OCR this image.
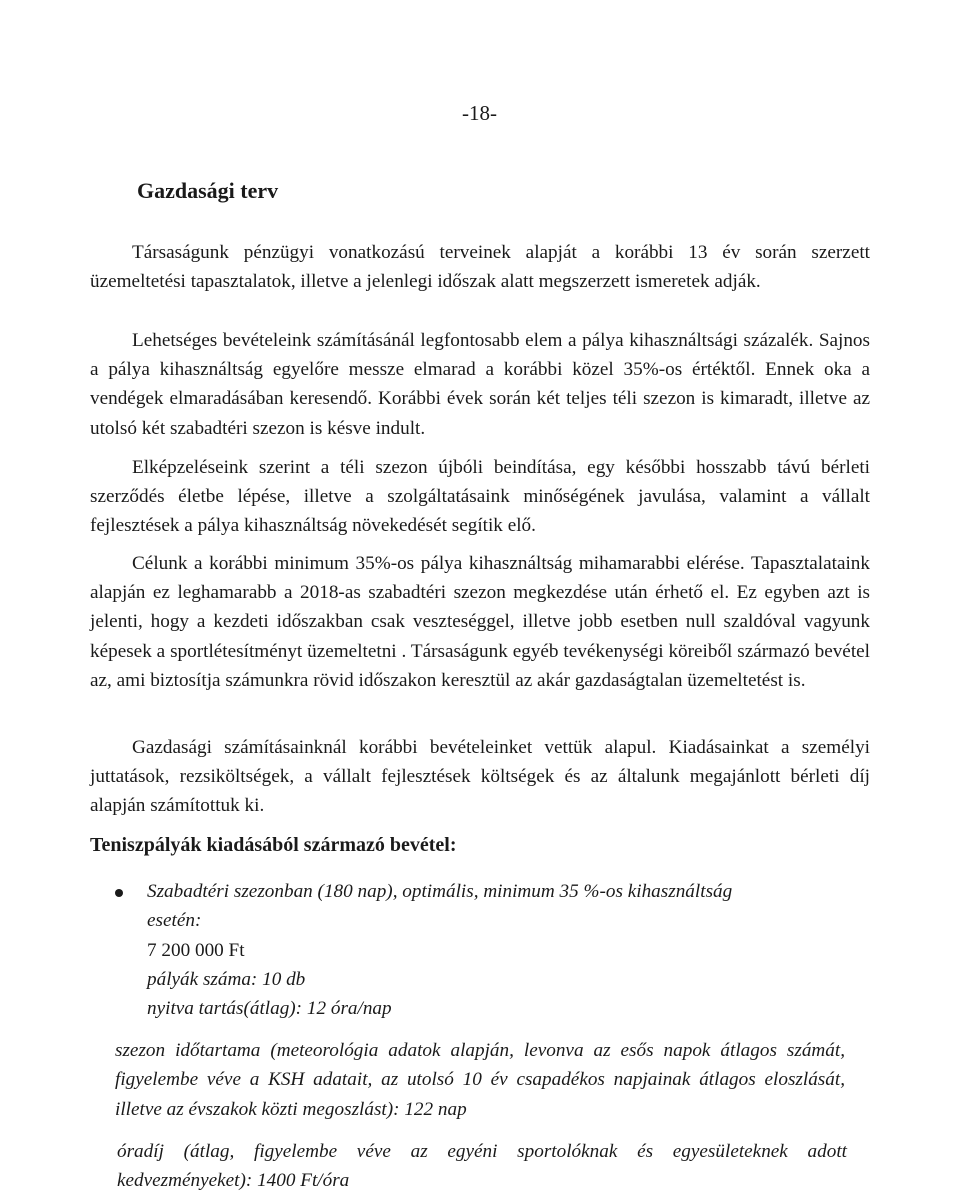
-18-
Gazdasági terv

Társaságunk pénzügyi vonatkozású terveinek alapját a korábbi 13 év során szerzett üzemeltetési tapasztalatok, illetve a jelenlegi időszak alatt megszerzett ismeretek adják.

Lehetséges bevételeink számításánál legfontosabb elem a pálya kihasználtsági százalék. Sajnos a pálya kihasználtság egyelőre messze elmarad a korábbi közel 35%-os értéktől. Ennek oka a vendégek elmaradásában keresendő. Korábbi évek során két teljes téli szezon is kimaradt, illetve az utolsó két szabadtéri szezon is késve indult.

Elképzeléseink szerint a téli szezon újbóli beindítása, egy későbbi hosszabb távú bérleti szerződés életbe lépése, illetve a szolgáltatásaink minőségének javulása, valamint a vállalt fejlesztések a pálya kihasználtság növekedését segítik elő.

Célunk a korábbi minimum 35%-os pálya kihasználtság mihamarabbi elérése. Tapasztalataink alapján ez leghamarabb a 2018-as szabadtéri szezon megkezdése után érhető el. Ez egyben azt is jelenti, hogy a kezdeti időszakban csak veszteséggel, illetve jobb esetben null szaldóval vagyunk képesek a sportlétesítményt üzemeltetni . Társaságunk egyéb tevékenységi köreiből származó bevétel az, ami biztosítja számunkra rövid időszakon keresztül az akár gazdaságtalan üzemeltetést is.

Gazdasági számításainknál korábbi bevételeinket vettük alapul. Kiadásainkat a személyi juttatások, rezsiköltségek, a vállalt fejlesztések költségek és az általunk megajánlott bérleti díj alapján számítottuk ki.

Teniszpályák kiadásából származó bevétel:
Szabadtéri szezonban (180 nap), optimális, minimum 35 %-os kihasználtság
esetén:
7 200 000 Ft
pályák száma: 10 db
nyitva tartás(átlag): 12 óra/nap

szezon időtartama (meteorológia adatok alapján, levonva az esős napok átlagos számát, figyelembe véve a KSH adatait, az utolsó 10 év csapadékos napjainak átlagos eloszlását, illetve az évszakok közti megoszlást): 122 nap

óradíj (átlag, figyelembe véve az egyéni sportolóknak és egyesületeknek adott kedvezményeket): 1400 Ft/óra
